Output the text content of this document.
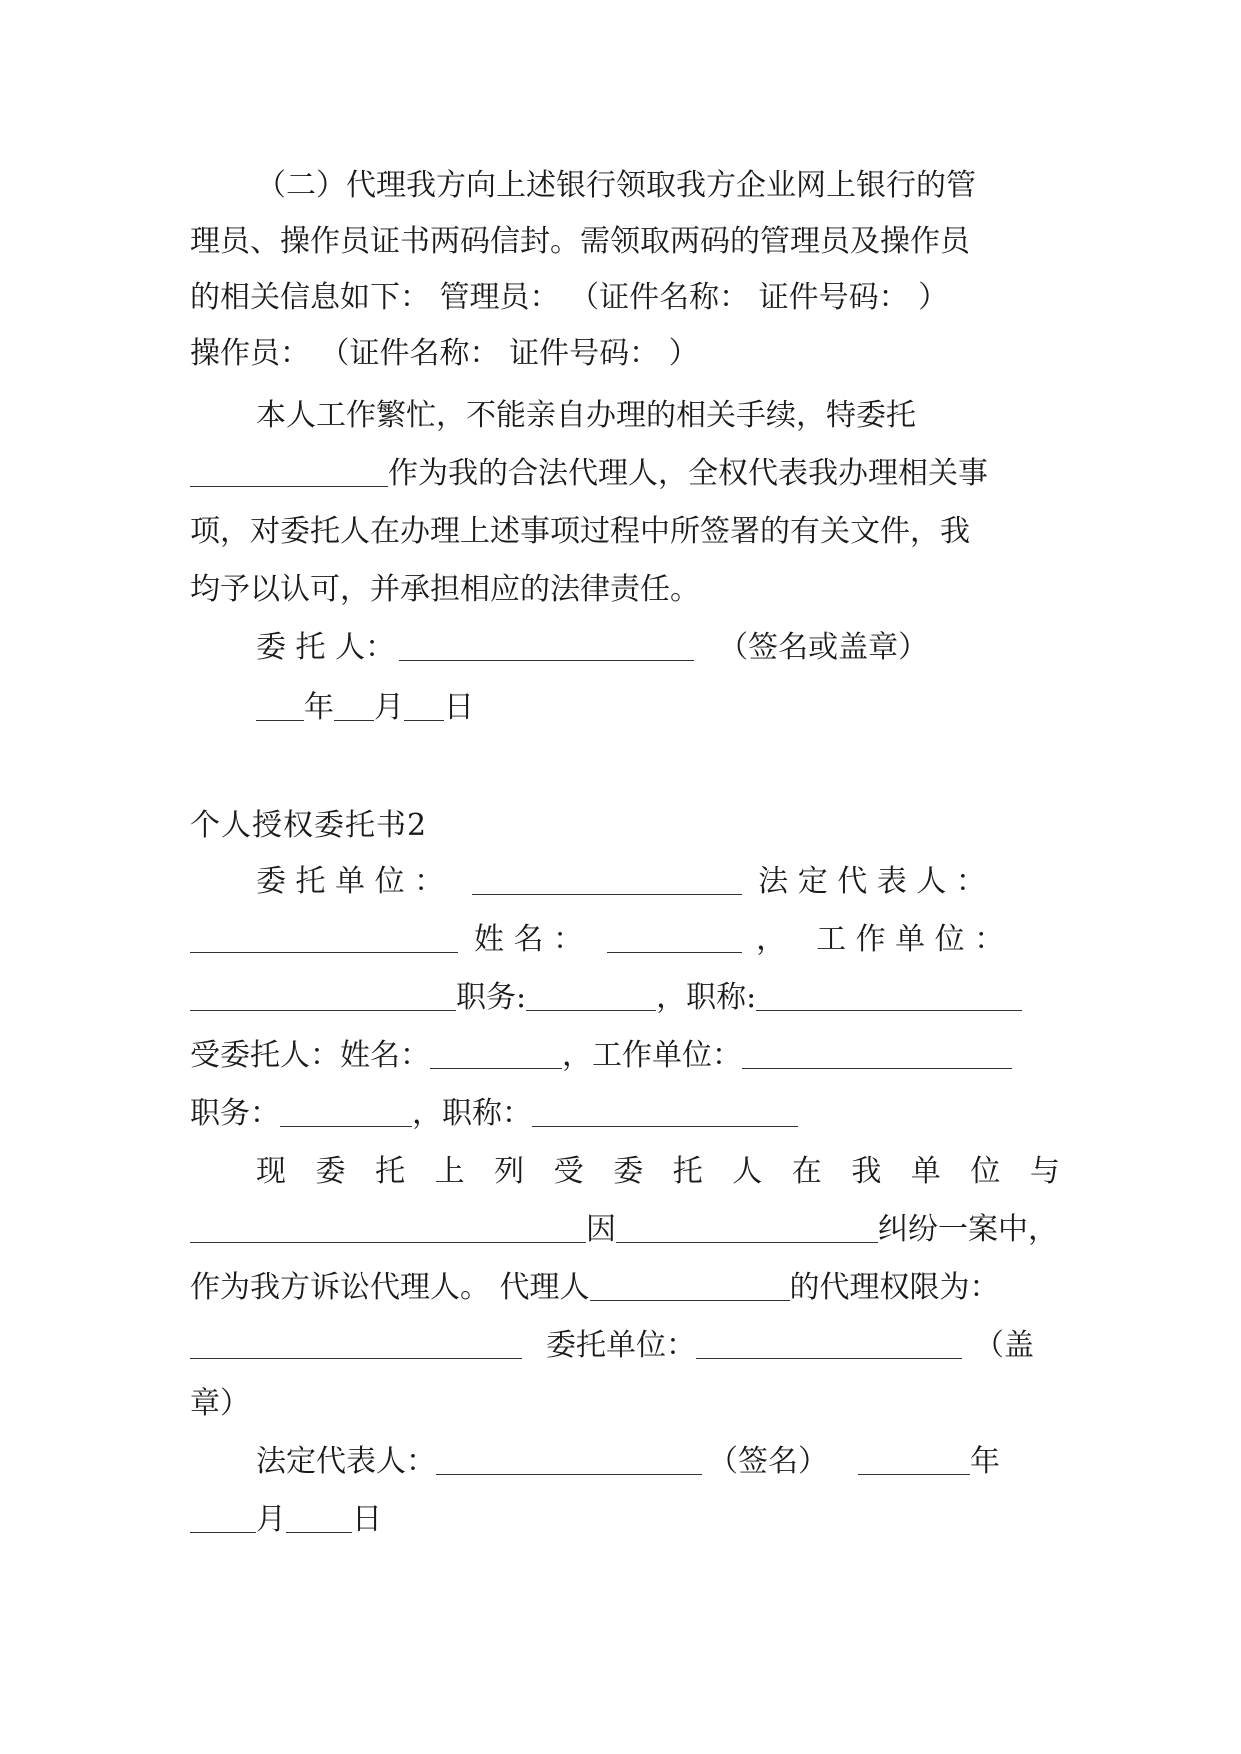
（二）代理我方向上述银行领取我方企业网上银行的管
理员、操作员证书两码信封。需领取两码的管理员及操作员
的相关信息如下： 管理员： （证件名称： 证件号码： ）
操作员： （证件名称： 证件号码： ）
本人工作繁忙，不能亲自办理的相关手续，特委托
作为我的合法代理人，全权代表我办理相关事
项，对委托人在办理上述事项过程中所签署的有关文件，我
均予以认可，并承担相应的法律责任。
委 托 人：	（签名或盖章）
年 月 日
个人授权委托书2
委 托 单 位 ：	法 定 代 表 人 ：
姓 名 ：	， 工 作 单 位 ：
职务:	，职称:
受委托人：姓名：	，工作单位：
职务：	，职称：
现 委 托 上 列 受 委 托 人 在 我 单 位 与
因	纠纷一案中，
作为我方诉讼代理人。 代理人	的代理权限为：
委托单位：	（盖
章）
法定代表人：	（签名）	年
月 日
